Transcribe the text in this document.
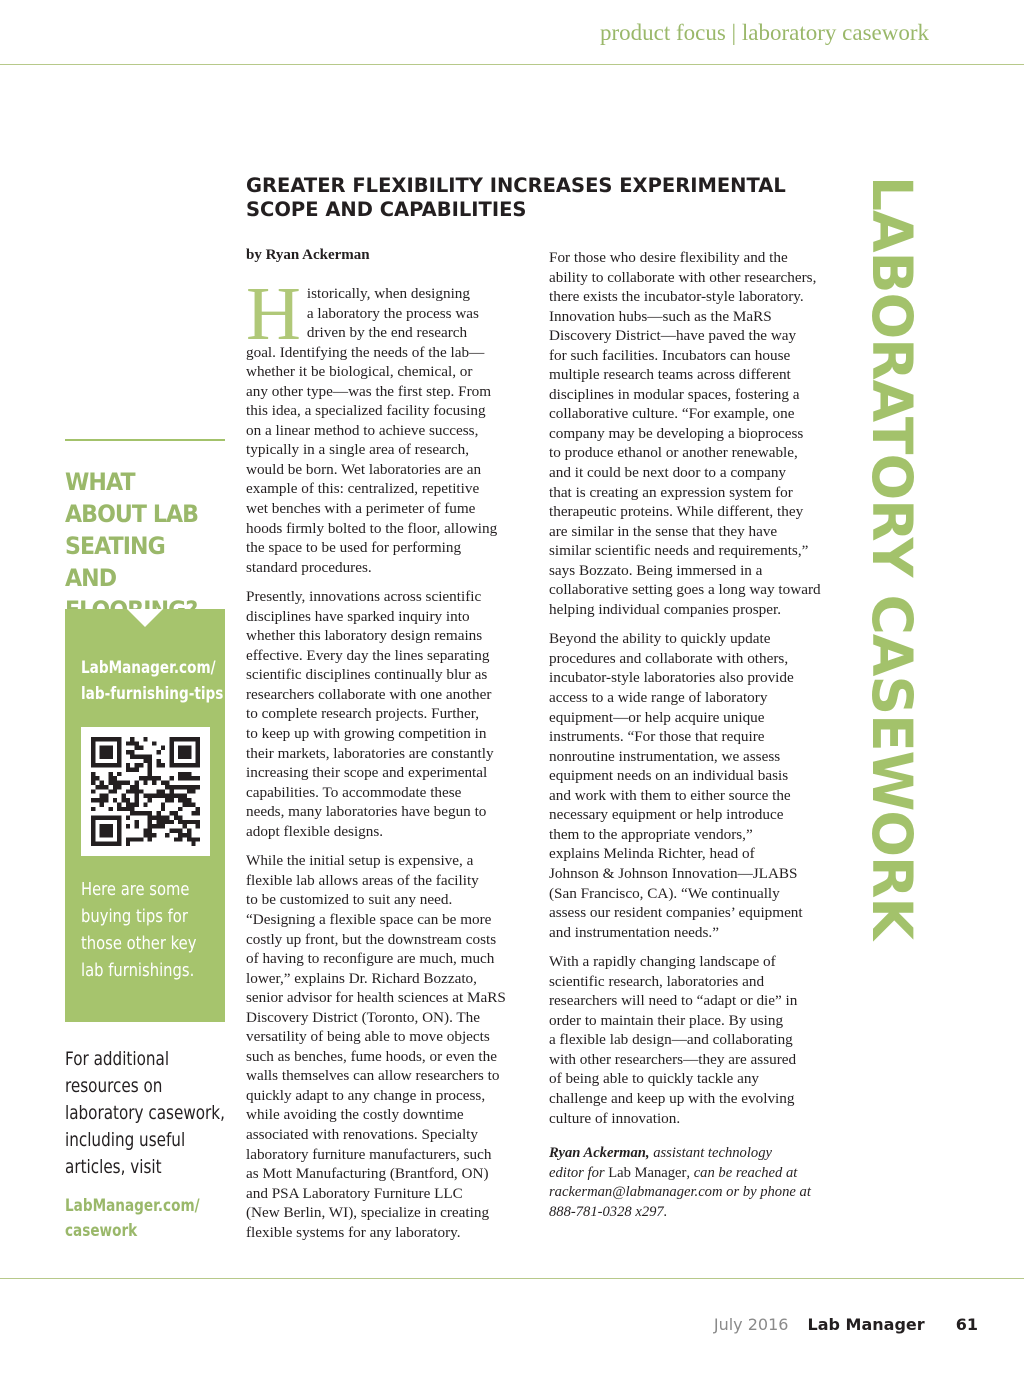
product focus | laboratory casework
GREATER FLEXIBILITY INCREASES EXPERIMENTAL
SCOPE AND CAPABILITIES
by Ryan Ackerman

H istorically, when designing
a laboratory the process was
driven by the end research
goal. Identifying the needs of the lab—
whether it be biological, chemical, or
any other type—was the first step. From
this idea, a specialized facility focusing
on a linear method to achieve success,
typically in a single area of research,
would be born. Wet laboratories are an
example of this: centralized, repetitive
wet benches with a perimeter of fume
hoods firmly bolted to the floor, allowing
the space to be used for performing
standard procedures.

Presently, innovations across scientific
disciplines have sparked inquiry into
whether this laboratory design remains
effective. Every day the lines separating
scientific disciplines continually blur as
researchers collaborate with one another
to complete research projects. Further,
to keep up with growing competition in
their markets, laboratories are constantly
increasing their scope and experimental
capabilities. To accommodate these
needs, many laboratories have begun to
adopt flexible designs.

While the initial setup is expensive, a
flexible lab allows areas of the facility
to be customized to suit any need.
“Designing a flexible space can be more
costly up front, but the downstream costs
of having to reconfigure are much, much
lower,” explains Dr. Richard Bozzato,
senior advisor for health sciences at MaRS
Discovery District (Toronto, ON). The
versatility of being able to move objects
such as benches, fume hoods, or even the
walls themselves can allow researchers to
quickly adapt to any change in process,
while avoiding the costly downtime
associated with renovations. Specialty
laboratory furniture manufacturers, such
as Mott Manufacturing (Brantford, ON)
and PSA Laboratory Furniture LLC
(New Berlin, WI), specialize in creating
flexible systems for any laboratory.

For those who desire flexibility and the
ability to collaborate with other researchers,
there exists the incubator-style laboratory.
Innovation hubs—such as the MaRS
Discovery District—have paved the way
for such facilities. Incubators can house
multiple research teams across different
disciplines in modular spaces, fostering a
collaborative culture. “For example, one
company may be developing a bioprocess
to produce ethanol or another renewable,
and it could be next door to a company
that is creating an expression system for
therapeutic proteins. While different, they
are similar in the sense that they have
similar scientific needs and requirements,”
says Bozzato. Being immersed in a
collaborative setting goes a long way toward
helping individual companies prosper.

Beyond the ability to quickly update
procedures and collaborate with others,
incubator-style laboratories also provide
access to a wide range of laboratory
equipment—or help acquire unique
instruments. “For those that require
nonroutine instrumentation, we assess
equipment needs on an individual basis
and work with them to either source the
necessary equipment or help introduce
them to the appropriate vendors,”
explains Melinda Richter, head of
Johnson & Johnson Innovation—JLABS
(San Francisco, CA). “We continually
assess our resident companies’ equipment
and instrumentation needs.”

With a rapidly changing landscape of
scientific research, laboratories and
researchers will need to “adapt or die” in
order to maintain their place. By using
a flexible lab design—and collaborating
with other researchers—they are assured
of being able to quickly tackle any
challenge and keep up with the evolving
culture of innovation.

Ryan Ackerman, assistant technology
editor for Lab Manager, can be reached at
rackerman@labmanager.com or by phone at
888-781-0328 x297.

LABORATORY CASEWORK
WHAT
ABOUT LAB
SEATING AND
LabManager.com/
lab-furnishing-tips
Here are some
buying tips for
those other key
lab furnishings.
For additional
resources on
laboratory casework,
including useful
articles, visit
LabManager.com/
casework
July 2016 Lab Manager 61
